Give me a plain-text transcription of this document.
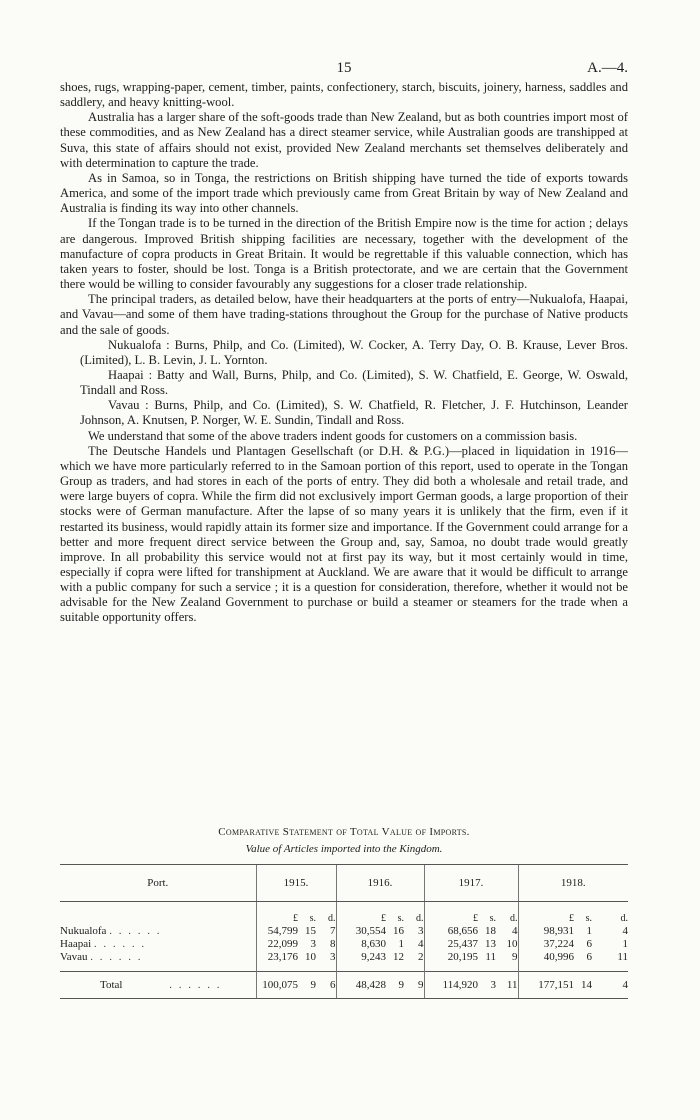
15	A.—4.

shoes, rugs, wrapping-paper, cement, timber, paints, confectionery, starch, biscuits, joinery, harness, saddles and saddlery, and heavy knitting-wool.

Australia has a larger share of the soft-goods trade than New Zealand, but as both countries import most of these commodities, and as New Zealand has a direct steamer service, while Australian goods are transhipped at Suva, this state of affairs should not exist, provided New Zealand merchants set themselves deliberately and with determination to capture the trade.

As in Samoa, so in Tonga, the restrictions on British shipping have turned the tide of exports towards America, and some of the import trade which previously came from Great Britain by way of New Zealand and Australia is finding its way into other channels.

If the Tongan trade is to be turned in the direction of the British Empire now is the time for action ; delays are dangerous. Improved British shipping facilities are necessary, together with the development of the manufacture of copra products in Great Britain. It would be regrettable if this valuable connection, which has taken years to foster, should be lost. Tonga is a British protectorate, and we are certain that the Government there would be willing to consider favourably any suggestions for a closer trade relationship.

The principal traders, as detailed below, have their headquarters at the ports of entry—Nukualofa, Haapai, and Vavau—and some of them have trading-stations throughout the Group for the purchase of Native products and the sale of goods.

Nukualofa : Burns, Philp, and Co. (Limited), W. Cocker, A. Terry Day, O. B. Krause, Lever Bros. (Limited), L. B. Levin, J. L. Yornton.

Haapai : Batty and Wall, Burns, Philp, and Co. (Limited), S. W. Chatfield, E. George, W. Oswald, Tindall and Ross.

Vavau : Burns, Philp, and Co. (Limited), S. W. Chatfield, R. Fletcher, J. F. Hutchinson, Leander Johnson, A. Knutsen, P. Norger, W. E. Sundin, Tindall and Ross.

We understand that some of the above traders indent goods for customers on a commission basis.

The Deutsche Handels und Plantagen Gesellschaft (or D.H. & P.G.)—placed in liquidation in 1916—which we have more particularly referred to in the Samoan portion of this report, used to operate in the Tongan Group as traders, and had stores in each of the ports of entry. They did both a wholesale and retail trade, and were large buyers of copra. While the firm did not exclusively import German goods, a large proportion of their stocks were of German manufacture. After the lapse of so many years it is unlikely that the firm, even if it restarted its business, would rapidly attain its former size and importance. If the Government could arrange for a better and more frequent direct service between the Group and, say, Samoa, no doubt trade would greatly improve. In all probability this service would not at first pay its way, but it most certainly would in time, especially if copra were lifted for transhipment at Auckland. We are aware that it would be difficult to arrange with a public company for such a service ; it is a question for consideration, therefore, whether it would not be advisable for the New Zealand Government to purchase or build a steamer or steamers for the trade when a suitable opportunity offers.

Comparative Statement of Total Value of Imports.

Value of Articles imported into the Kingdom.

Port.	1915.			1916.			1917.			1918.		
	£	s.	d.	£	s.	d.	£	s.	d.	£	s.	d.
Nukualofa . . . . . .	54,799	15	7	30,554	16	3	68,656	18	4	98,931	1	4
Haapai . . . . . .	22,099	3	8	8,630	1	4	25,437	13	10	37,224	6	1
Vavau . . . . . .	23,176	10	3	9,243	12	2	20,195	11	9	40,996	6	11

Total . . . . . .	100,075	9	6	48,428	9	9	114,920	3	11	177,151	14	4
